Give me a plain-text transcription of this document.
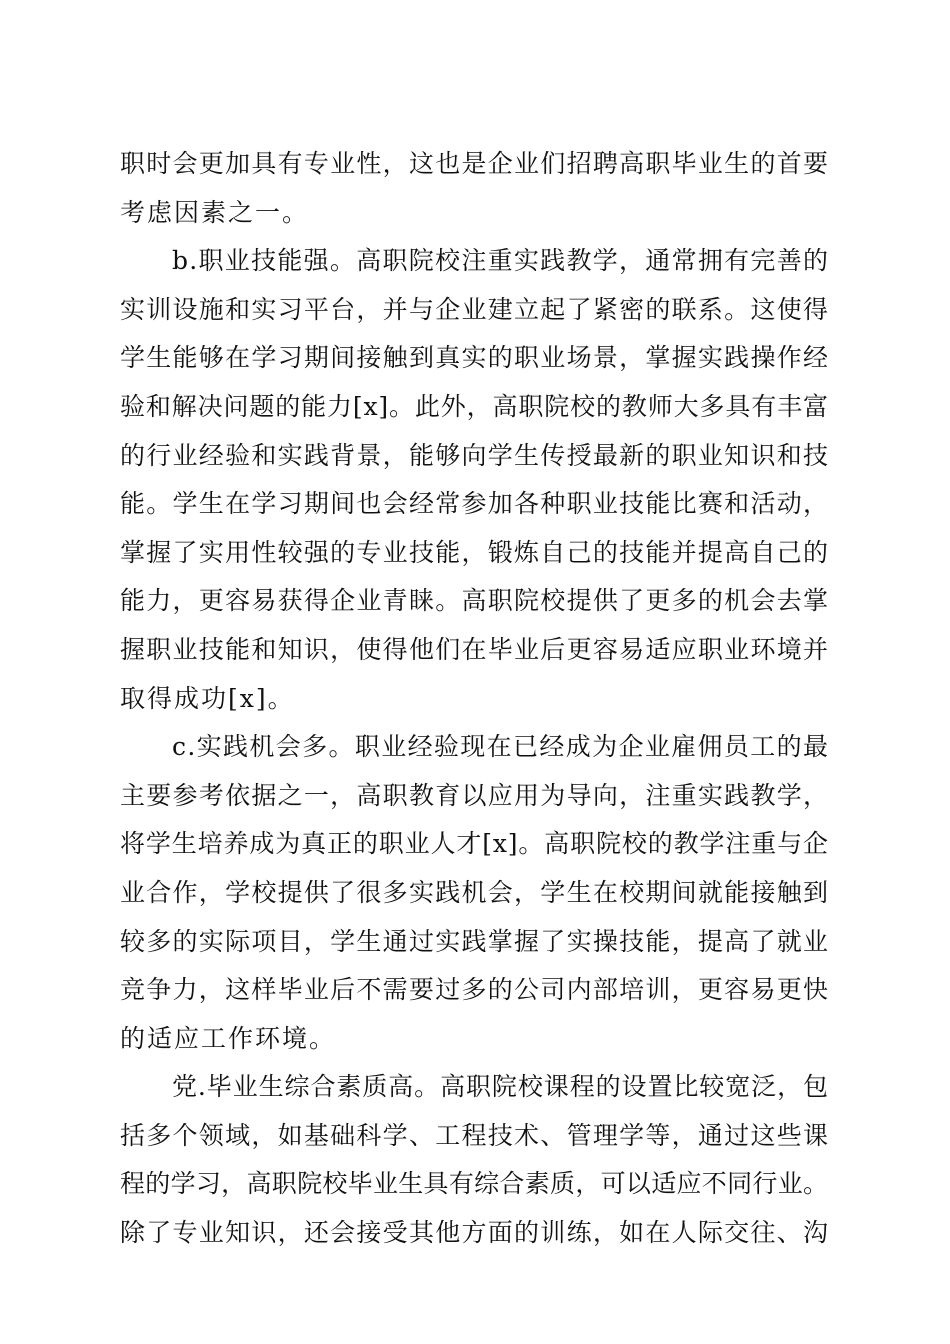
职时会更加具有专业性，这也是企业们招聘高职毕业生的首要
考虑因素之一。
b.职业技能强。高职院校注重实践教学，通常拥有完善的
实训设施和实习平台，并与企业建立起了紧密的联系。这使得
学生能够在学习期间接触到真实的职业场景，掌握实践操作经
验和解决问题的能力[x]。此外，高职院校的教师大多具有丰富
的行业经验和实践背景，能够向学生传授最新的职业知识和技
能。学生在学习期间也会经常参加各种职业技能比赛和活动，
掌握了实用性较强的专业技能，锻炼自己的技能并提高自己的
能力，更容易获得企业青睐。高职院校提供了更多的机会去掌
握职业技能和知识，使得他们在毕业后更容易适应职业环境并
取得成功[x]。
c.实践机会多。职业经验现在已经成为企业雇佣员工的最
主要参考依据之一，高职教育以应用为导向，注重实践教学，
将学生培养成为真正的职业人才[x]。高职院校的教学注重与企
业合作，学校提供了很多实践机会，学生在校期间就能接触到
较多的实际项目，学生通过实践掌握了实操技能，提高了就业
竞争力，这样毕业后不需要过多的公司内部培训，更容易更快
的适应工作环境。
党.毕业生综合素质高。高职院校课程的设置比较宽泛，包
括多个领域，如基础科学、工程技术、管理学等，通过这些课
程的学习，高职院校毕业生具有综合素质，可以适应不同行业。
除了专业知识，还会接受其他方面的训练，如在人际交往、沟
